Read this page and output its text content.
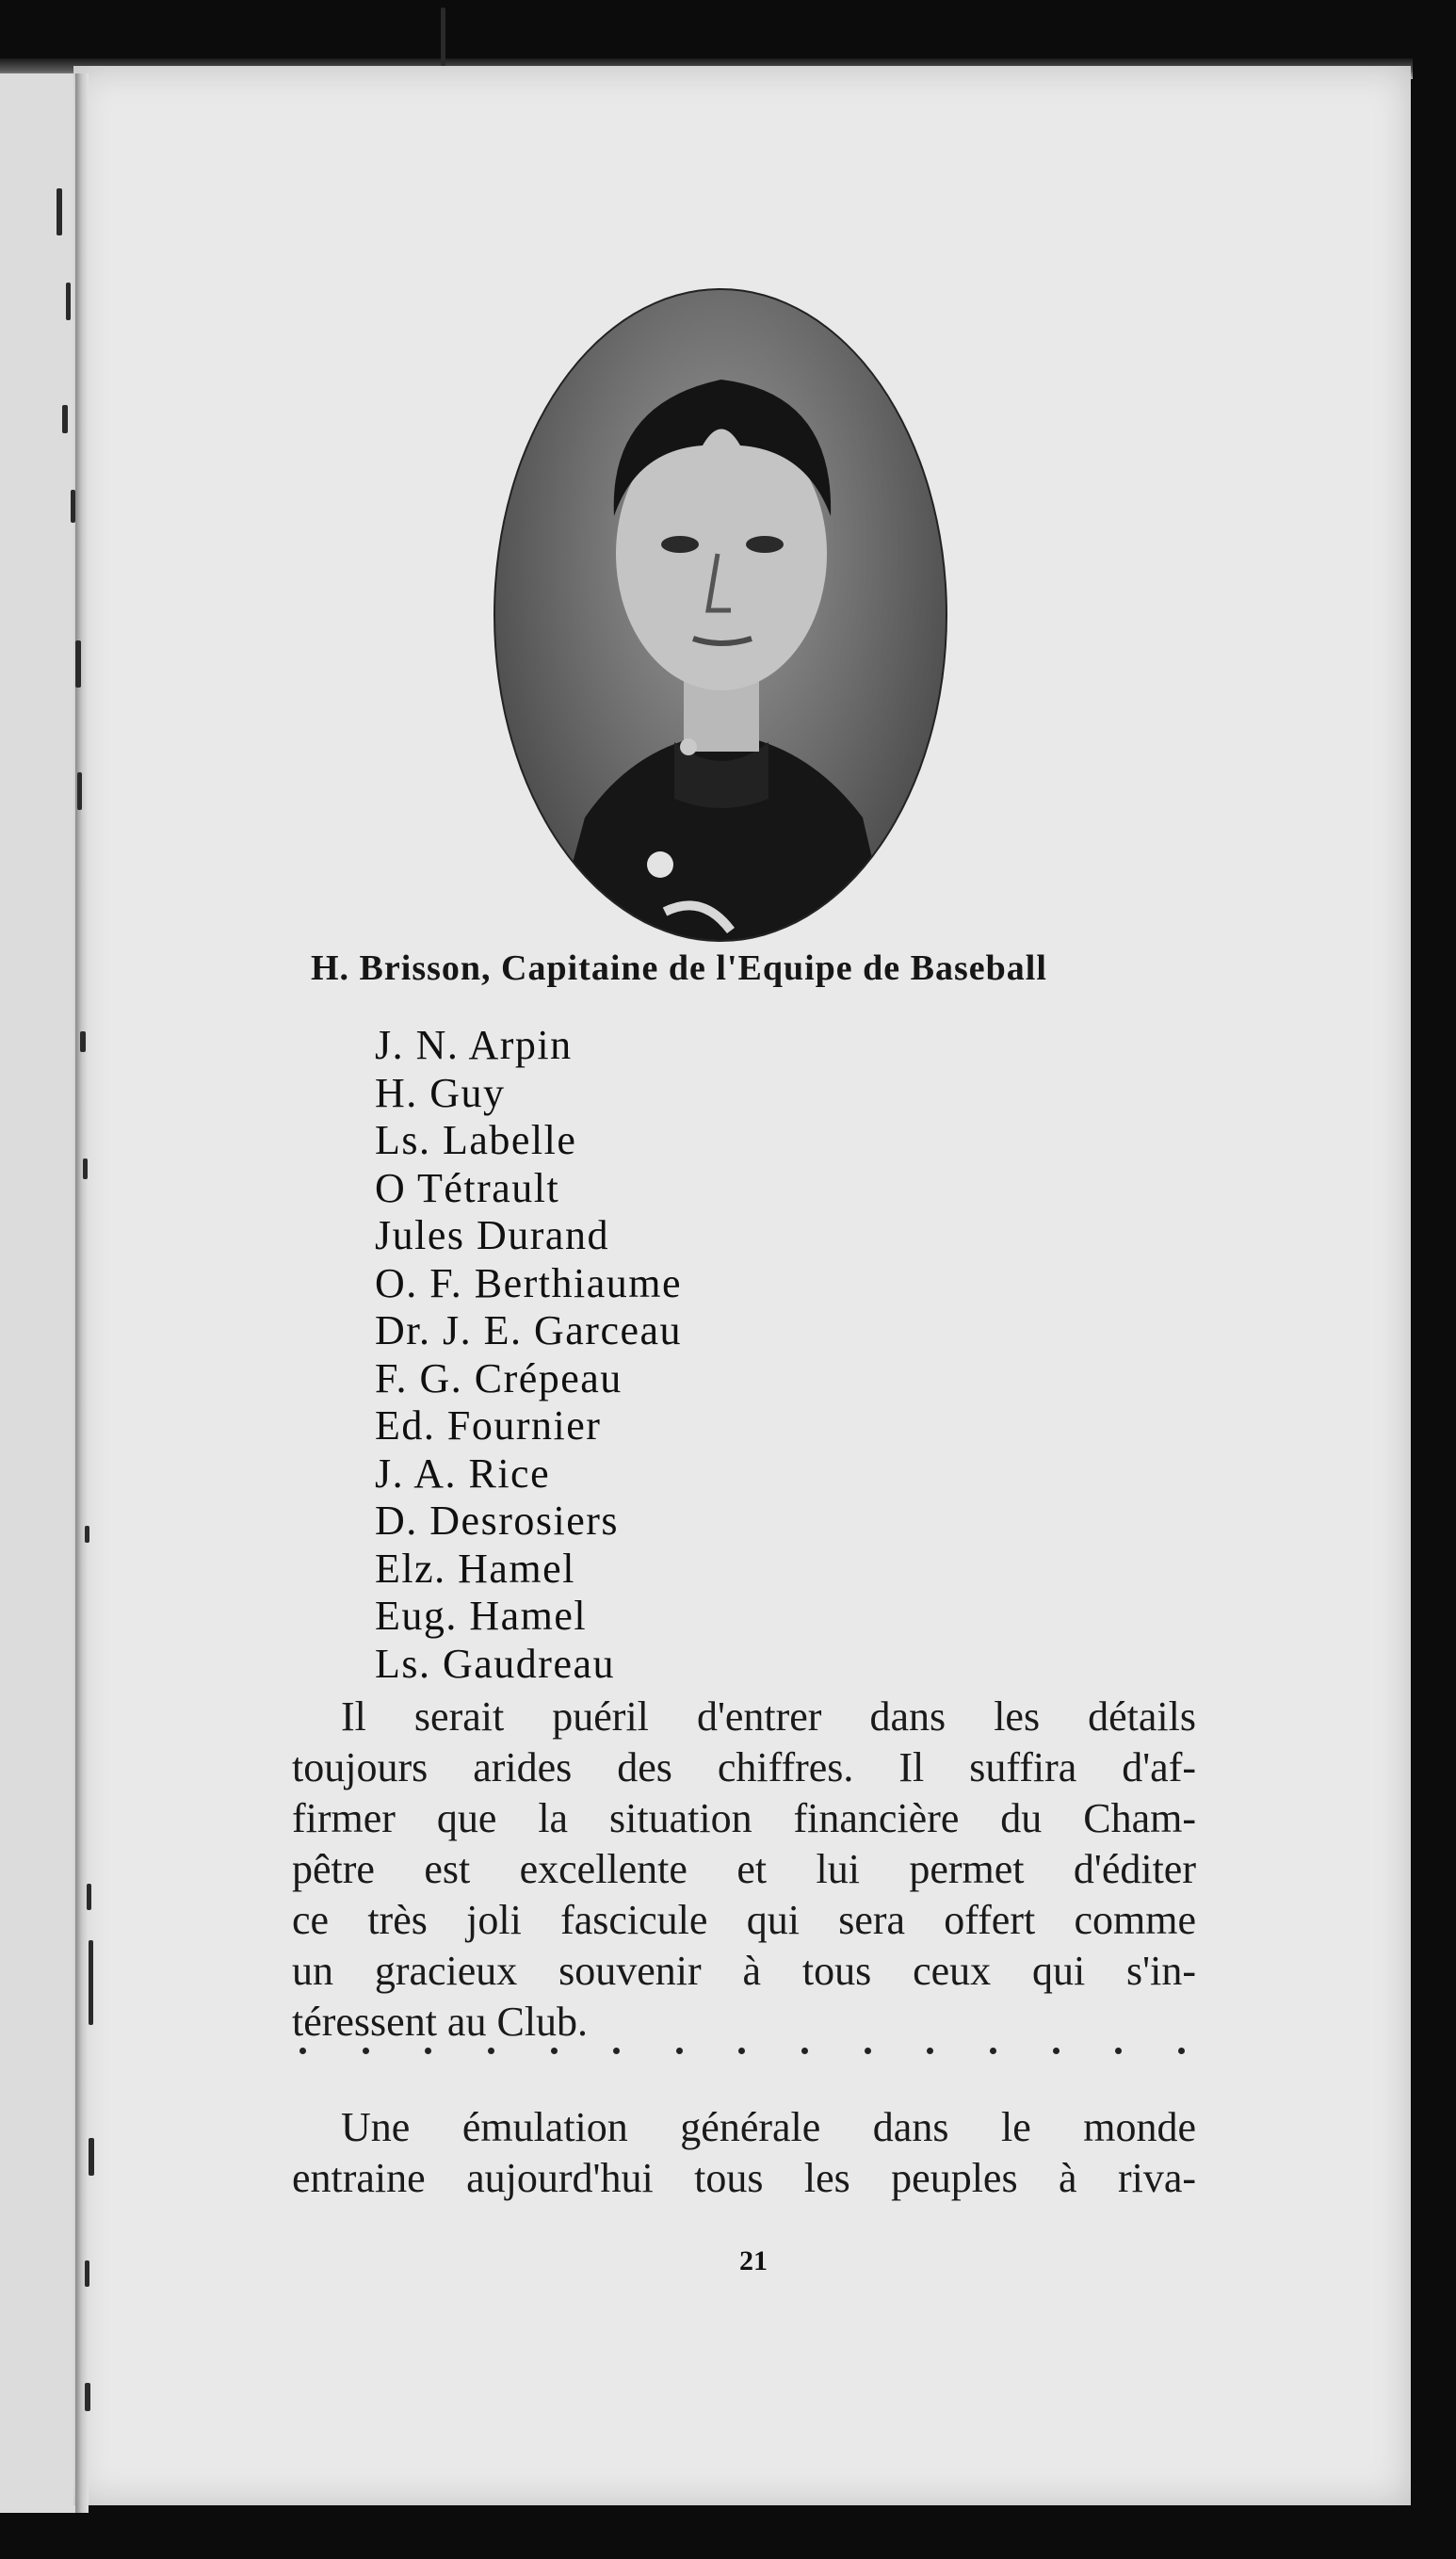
H. Brisson, Capitaine de l'Equipe de Baseball
J. N. Arpin
H. Guy
Ls. Labelle
O Tétrault
Jules Durand
O. F. Berthiaume
Dr. J. E. Garceau
F. G. Crépeau
Ed. Fournier
J. A. Rice
D. Desrosiers
Elz. Hamel
Eug. Hamel
Ls. Gaudreau

Il serait puéril d'entrer dans les détails
toujours arides des chiffres. Il suffira d'af-
firmer que la situation financière du Cham-
pêtre est excellente et lui permet d'éditer
ce très joli fascicule qui sera offert comme
un gracieux souvenir à tous ceux qui s'in-
téressent au Club.

Une émulation générale dans le monde
entraine aujourd'hui tous les peuples à riva-

21
